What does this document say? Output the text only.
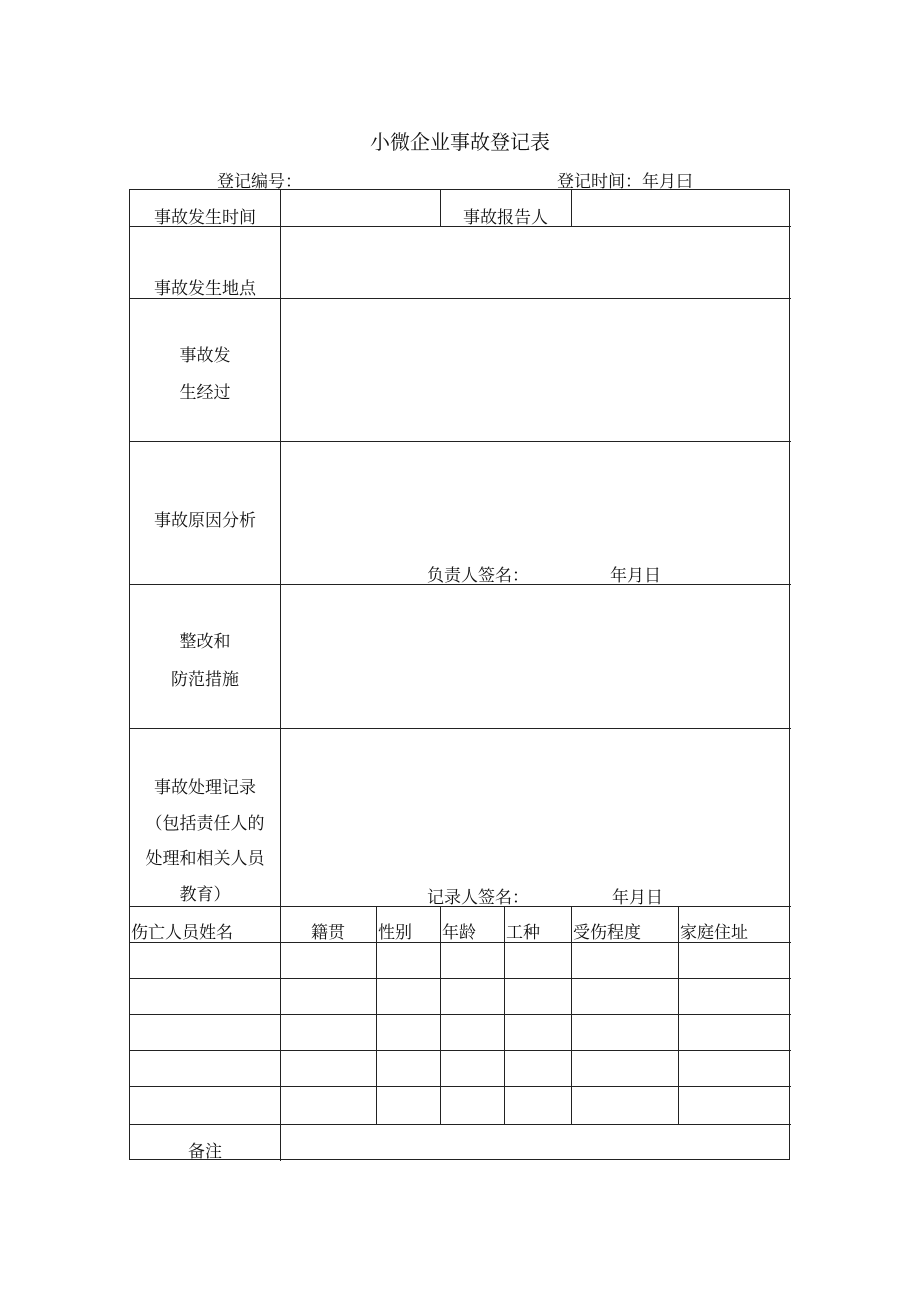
小微企业事故登记表
登记编号：	登记时间：年月曰
事故发生时间	事故报告人
事故发生地点
事故发
生经过
事故原因分析
负责人签名：	年月日
整改和
防范措施
事故处理记录
（包括责任人的
处理和相关人员
教育）	记录人签名：	年月日
伤亡人员姓名	籍贯	性别 年龄 工种 受伤程度 家庭住址
备注
